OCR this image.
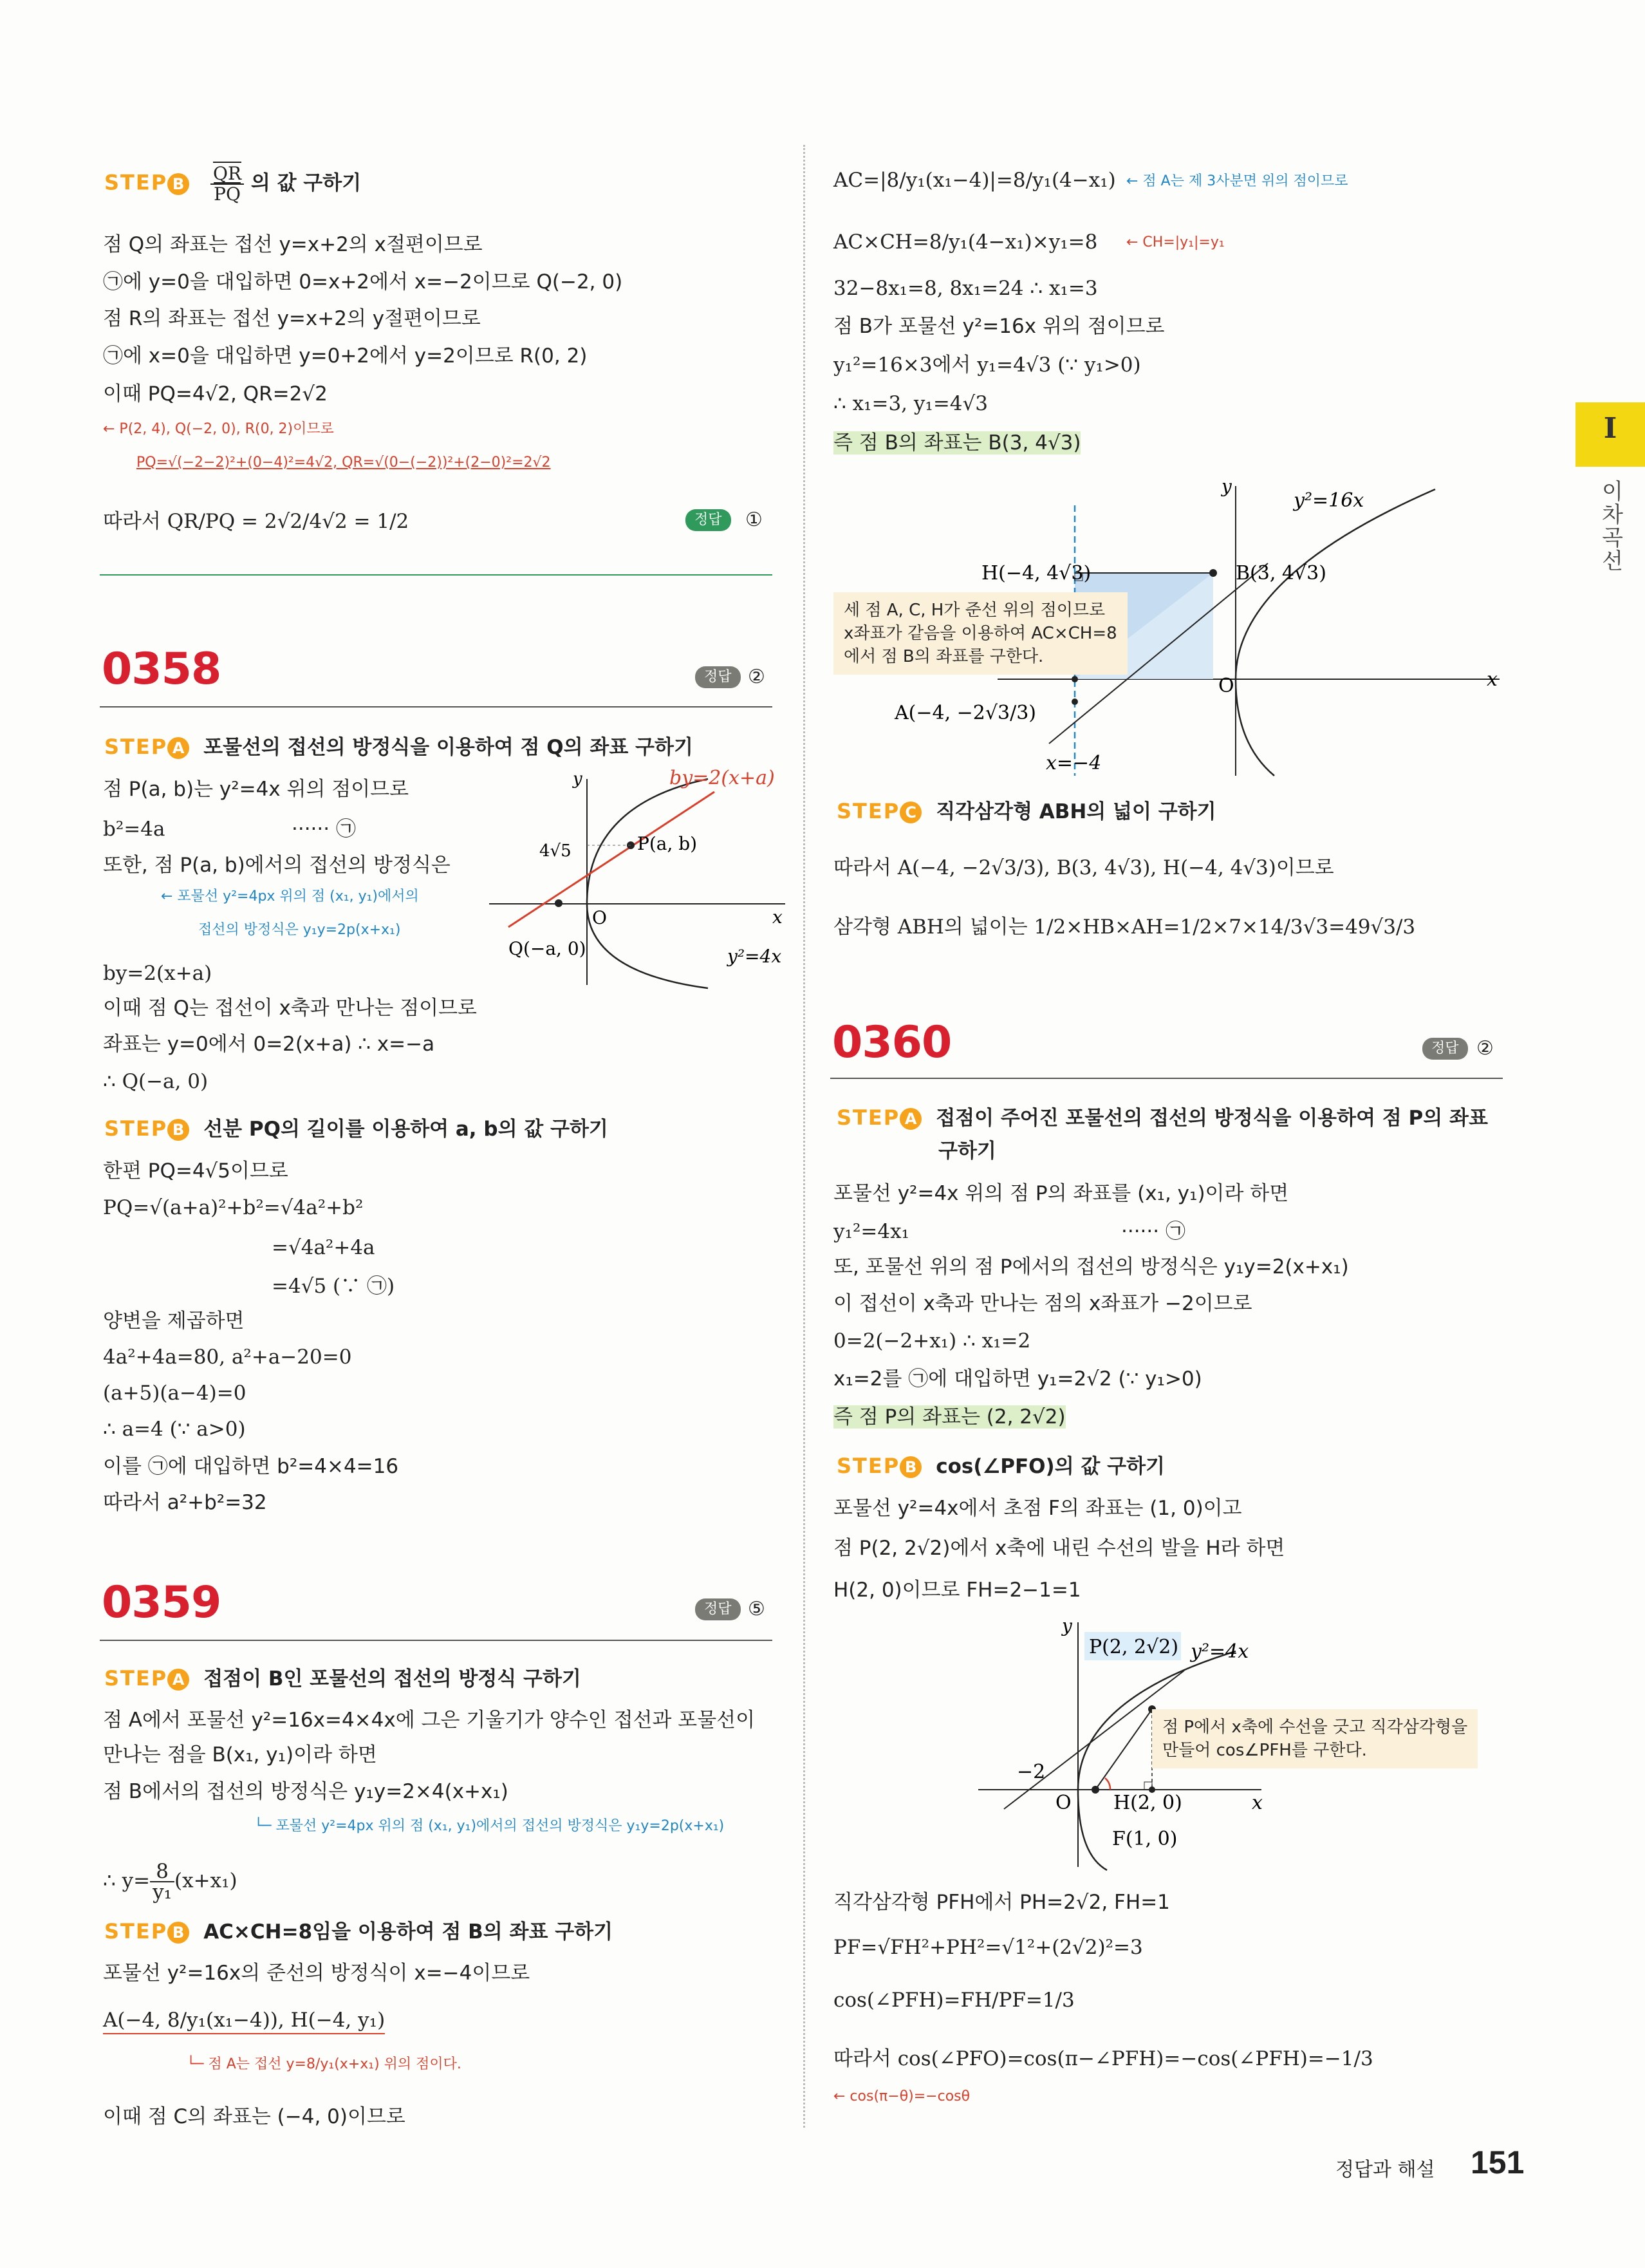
I
이차곡선
STEP B $\frac{\overline{QR}}{PQ}$ 의 값 구하기
점 Q의 좌표는 접선 y=x+2의 x절편이므로
㉠에 y=0을 대입하면 0=x+2에서 x=−2이므로 Q(−2, 0)
점 R의 좌표는 접선 y=x+2의 y절편이므로
㉠에 x=0을 대입하면 y=0+2에서 y=2이므로 R(0, 2)
이때 PQ=4√2, QR=2√2
← P(2, 4), Q(−2, 0), R(0, 2)이므로
PQ=√(−2−2)²+(0−4)²=4√2, QR=√(0−(−2))²+(2−0)²=2√2
따라서 QR/PQ = 2√2/4√2 = 1/2	정답	①
0358	정답 ②
STEP A 포물선의 접선의 방정식을 이용하여 점 Q의 좌표 구하기
점 P(a, b)는 y²=4x 위의 점이므로
b²=4a	······ ㉠
또한, 점 P(a, b)에서의 접선의 방정식은
← 포물선 y²=4px 위의 점 (x₁, y₁)에서의
접선의 방정식은 y₁y=2p(x+x₁)
by=2(x+a)
이때 점 Q는 접선이 x축과 만나는 점이므로
좌표는 y=0에서 0=2(x+a) ∴ x=−a
∴ Q(−a, 0)
by=2(x+a)
P(a, b)
4√5
O	x
y
Q(−a, 0)	y²=4x
STEP B 선분 PQ의 길이를 이용하여 a, b의 값 구하기
한편 PQ=4√5이므로
PQ=√(a+a)²+b²=√4a²+b²
=√4a²+4a
=4√5 (∵ ㉠)
양변을 제곱하면
4a²+4a=80, a²+a−20=0
(a+5)(a−4)=0
∴ a=4 (∵ a>0)
이를 ㉠에 대입하면 b²=4×4=16
따라서 a²+b²=32
0359	정답 ⑤
STEP A 접점이 B인 포물선의 접선의 방정식 구하기
점 A에서 포물선 y²=16x=4×4x에 그은 기울기가 양수인 접선과 포물선이
만나는 점을 B(x₁, y₁)이라 하면
점 B에서의 접선의 방정식은 y₁y=2×4(x+x₁)
└─ 포물선 y²=4px 위의 점 (x₁, y₁)에서의 접선의 방정식은 y₁y=2p(x+x₁)
∴ $y= \frac{8}{\text{y₁}} (x+x_1)$
STEP B AC×CH=8임을 이용하여 점 B의 좌표 구하기
포물선 y²=16x의 준선의 방정식이 x=−4이므로
A(−4, 8/y₁(x₁−4)), H(−4, y₁)
└─ 점 A는 접선 y=8/y₁(x+x₁) 위의 점이다.
이때 점 C의 좌표는 (−4, 0)이므로
AC=|8/y₁(x₁−4)|=8/y₁(4−x₁) ← 점 A는 제 3사분면 위의 점이므로
AC×CH=8/y₁(4−x₁)×y₁=8 ← CH=|y₁|=y₁
32−8x₁=8, 8x₁=24 ∴ x₁=3
점 B가 포물선 y²=16x 위의 점이므로
y₁²=16×3에서 y₁=4√3 (∵ y₁>0)
∴ x₁=3, y₁=4√3
즉 점 B의 좌표는 B(3, 4√3)
y²=16x
H(−4, 4√3)	B(3, 4√3)
O
A(−4, −2√3/3)
x=−4
x
y
세 점 A, C, H가 준선 위의 점이므로
x좌표가 같음을 이용하여 AC×CH=8
에서 점 B의 좌표를 구한다.
STEP C 직각삼각형 ABH의 넓이 구하기
따라서 A(−4, −2√3/3), B(3, 4√3), H(−4, 4√3)이므로
삼각형 ABH의 넓이는 1/2×HB×AH=1/2×7×14/3√3=49√3/3
0360	정답 ②
STEP A 접점이 주어진 포물선의 접선의 방정식을 이용하여 점 P의 좌표
구하기
포물선 y²=4x 위의 점 P의 좌표를 (x₁, y₁)이라 하면
y₁²=4x₁	······ ㉠
또, 포물선 위의 점 P에서의 접선의 방정식은 y₁y=2(x+x₁)
이 접선이 x축과 만나는 점의 x좌표가 −2이므로
0=2(−2+x₁) ∴ x₁=2
x₁=2를 ㉠에 대입하면 y₁=2√2 (∵ y₁>0)
즉 점 P의 좌표는 (2, 2√2)
STEP B cos(∠PFO)의 값 구하기
포물선 y²=4x에서 초점 F의 좌표는 (1, 0)이고
점 P(2, 2√2)에서 x축에 내린 수선의 발을 H라 하면
H(2, 0)이므로 FH=2−1=1
P(2, 2√2) y²=4x
H(2, 0)
F(1, 0)
−2
O	x
y
점 P에서 x축에 수선을 긋고 직각삼각형을
만들어 cos∠PFH를 구한다.
직각삼각형 PFH에서 PH=2√2, FH=1
PF=√FH²+PH²=√1²+(2√2)²=3
cos(∠PFH)=FH/PF=1/3
따라서 cos(∠PFO)=cos(π−∠PFH)=−cos(∠PFH)=−1/3
← cos(π−θ)=−cosθ
정답과 해설 151
